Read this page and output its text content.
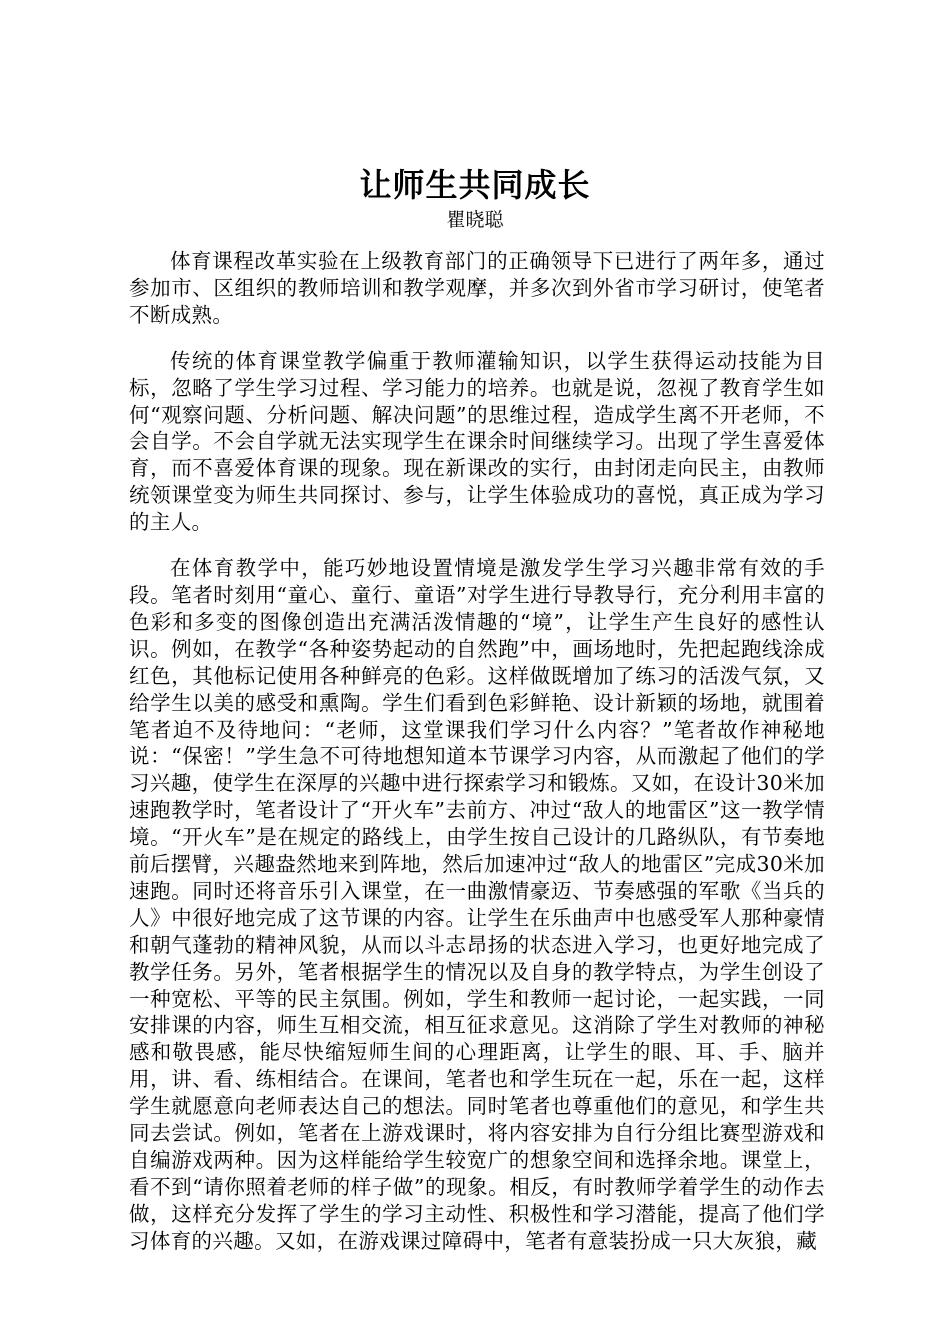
让师生共同成长
瞿晓聪

体育课程改革实验在上级教育部门的正确领导下已进行了两年多，通过参加市、区组织的教师培训和教学观摩，并多次到外省市学习研讨，使笔者不断成熟。

传统的体育课堂教学偏重于教师灌输知识，以学生获得运动技能为目标，忽略了学生学习过程、学习能力的培养。也就是说，忽视了教育学生如何“观察问题、分析问题、解决问题”的思维过程，造成学生离不开老师，不会自学。不会自学就无法实现学生在课余时间继续学习。出现了学生喜爱体育，而不喜爱体育课的现象。现在新课改的实行，由封闭走向民主，由教师统领课堂变为师生共同探讨、参与，让学生体验成功的喜悦，真正成为学习的主人。

在体育教学中，能巧妙地设置情境是激发学生学习兴趣非常有效的手段。笔者时刻用“童心、童行、童语”对学生进行导教导行，充分利用丰富的色彩和多变的图像创造出充满活泼情趣的“境”，让学生产生良好的感性认识。例如，在教学“各种姿势起动的自然跑”中，画场地时，先把起跑线涂成红色，其他标记使用各种鲜亮的色彩。这样做既增加了练习的活泼气氛，又给学生以美的感受和熏陶。学生们看到色彩鲜艳、设计新颖的场地，就围着笔者迫不及待地问：“老师，这堂课我们学习什么内容？”笔者故作神秘地说：“保密！”学生急不可待地想知道本节课学习内容，从而激起了他们的学习兴趣，使学生在深厚的兴趣中进行探索学习和锻炼。又如，在设计30米加速跑教学时，笔者设计了“开火车”去前方、冲过“敌人的地雷区”这一教学情境。“开火车”是在规定的路线上，由学生按自己设计的几路纵队，有节奏地前后摆臂，兴趣盎然地来到阵地，然后加速冲过“敌人的地雷区”完成30米加速跑。同时还将音乐引入课堂，在一曲激情豪迈、节奏感强的军歌《当兵的人》中很好地完成了这节课的内容。让学生在乐曲声中也感受军人那种豪情和朝气蓬勃的精神风貌，从而以斗志昂扬的状态进入学习，也更好地完成了教学任务。另外，笔者根据学生的情况以及自身的教学特点，为学生创设了一种宽松、平等的民主氛围。例如，学生和教师一起讨论，一起实践，一同安排课的内容，师生互相交流，相互征求意见。这消除了学生对教师的神秘感和敬畏感，能尽快缩短师生间的心理距离，让学生的眼、耳、手、脑并用，讲、看、练相结合。在课间，笔者也和学生玩在一起，乐在一起，这样学生就愿意向老师表达自己的想法。同时笔者也尊重他们的意见，和学生共同去尝试。例如，笔者在上游戏课时，将内容安排为自行分组比赛型游戏和自编游戏两种。因为这样能给学生较宽广的想象空间和选择余地。课堂上，看不到“请你照着老师的样子做”的现象。相反，有时教师学着学生的动作去做，这样充分发挥了学生的学习主动性、积极性和学习潜能，提高了他们学习体育的兴趣。又如，在游戏课过障碍中，笔者有意装扮成一只大灰狼，藏
